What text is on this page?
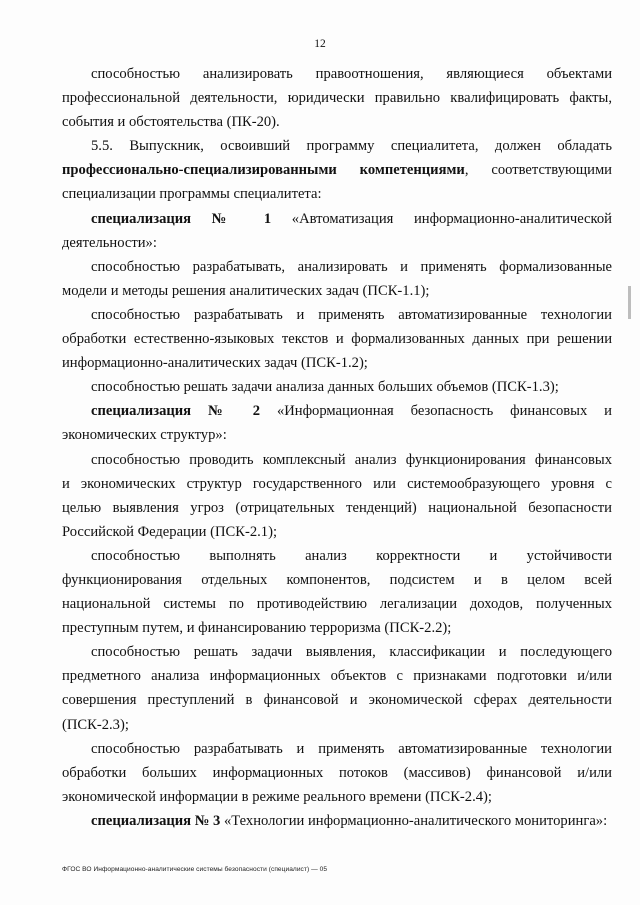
12

способностью анализировать правоотношения, являющиеся объектами
профессиональной деятельности, юридически правильно квалифицировать факты,
события и обстоятельства (ПК-20).

5.5. Выпускник, освоивший программу специалитета, должен обладать
профессионально-специализированными компетенциями, соответствующими
специализации программы специалитета:

специализация № 1 «Автоматизация информационно-аналитической
деятельности»:

способностью разрабатывать, анализировать и применять формализованные
модели и методы решения аналитических задач (ПСК-1.1);

способностью разрабатывать и применять автоматизированные технологии
обработки естественно-языковых текстов и формализованных данных при решении
информационно-аналитических задач (ПСК-1.2);

способностью решать задачи анализа данных больших объемов (ПСК-1.3);

специализация № 2 «Информационная безопасность финансовых и
экономических структур»:

способностью проводить комплексный анализ функционирования финансовых
и экономических структур государственного или системообразующего уровня с
целью выявления угроз (отрицательных тенденций) национальной безопасности
Российской Федерации (ПСК-2.1);

способностью выполнять анализ корректности и устойчивости
функционирования отдельных компонентов, подсистем и в целом всей
национальной системы по противодействию легализации доходов, полученных
преступным путем, и финансированию терроризма (ПСК-2.2);

способностью решать задачи выявления, классификации и последующего
предметного анализа информационных объектов с признаками подготовки и/или
совершения преступлений в финансовой и экономической сферах деятельности
(ПСК-2.3);

способностью разрабатывать и применять автоматизированные технологии
обработки больших информационных потоков (массивов) финансовой и/или
экономической информации в режиме реального времени (ПСК-2.4);

специализация № 3 «Технологии информационно-аналитического мониторинга»:

ФГОС ВО Информационно-аналитические системы безопасности (специалист) — 05
